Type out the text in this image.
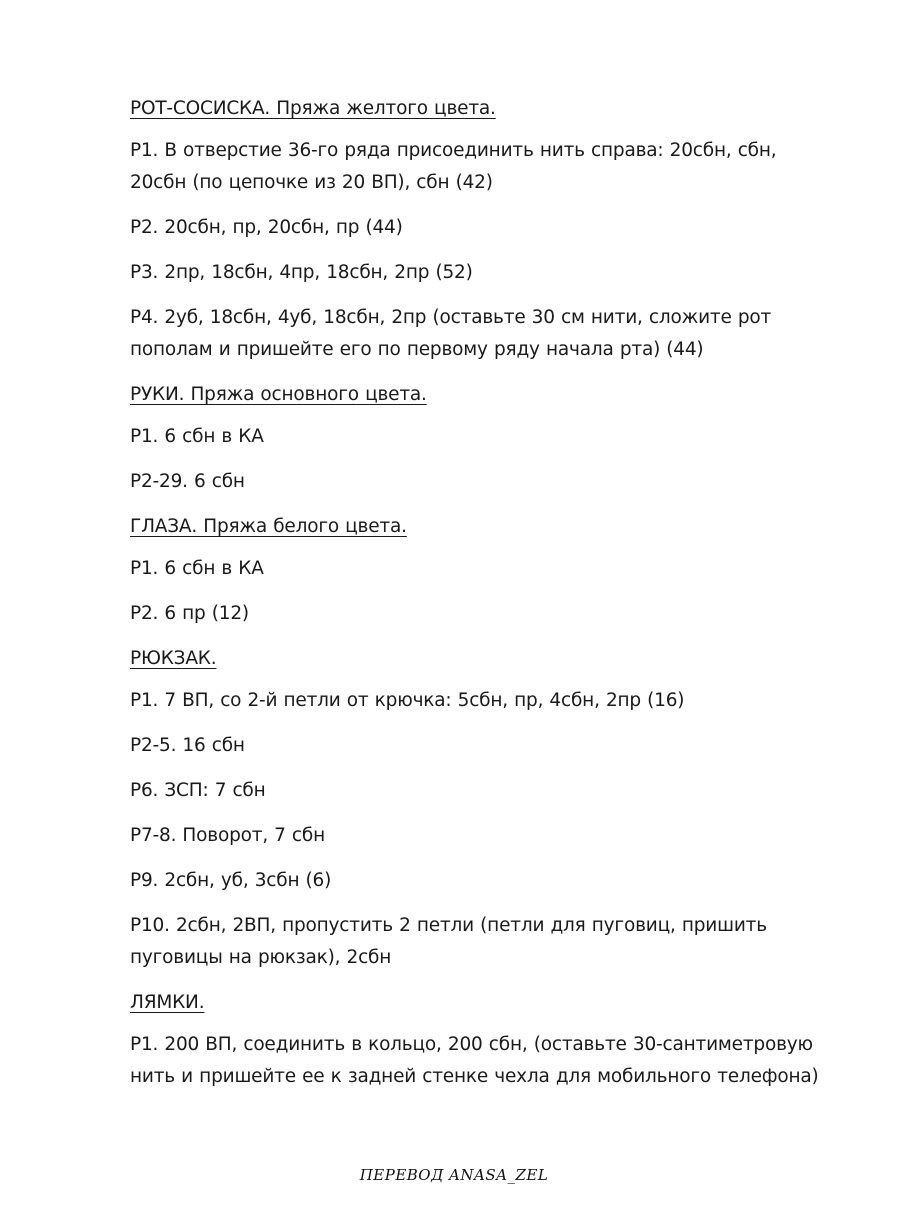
РОТ-СОСИСКА. Пряжа желтого цвета.
Р1. В отверстие 36-го ряда присоединить нить справа: 20сбн, сбн, 20сбн (по цепочке из 20 ВП), сбн (42)
Р2. 20сбн, пр, 20сбн, пр (44)
Р3. 2пр, 18сбн, 4пр, 18сбн, 2пр (52)
Р4. 2уб, 18сбн, 4уб, 18сбн, 2пр (оставьте 30 см нити, сложите рот пополам и пришейте его по первому ряду начала рта) (44)
РУКИ. Пряжа основного цвета.
Р1. 6 сбн в КА
Р2-29. 6 сбн
ГЛАЗА. Пряжа белого цвета.
Р1. 6 сбн в КА
Р2. 6 пр (12)
РЮКЗАК.
Р1. 7 ВП, со 2-й петли от крючка: 5сбн, пр, 4сбн, 2пр (16)
Р2-5. 16 сбн
Р6. ЗСП: 7 сбн
Р7-8. Поворот, 7 сбн
Р9. 2сбн, уб, 3сбн (6)
Р10. 2сбн, 2ВП, пропустить 2 петли (петли для пуговиц, пришить пуговицы на рюкзак), 2сбн
ЛЯМКИ.
Р1. 200 ВП, соединить в кольцо, 200 сбн, (оставьте 30-сантиметровую нить и пришейте ее к задней стенке чехла для мобильного телефона)
ПЕРЕВОД ANASA_ZEL
